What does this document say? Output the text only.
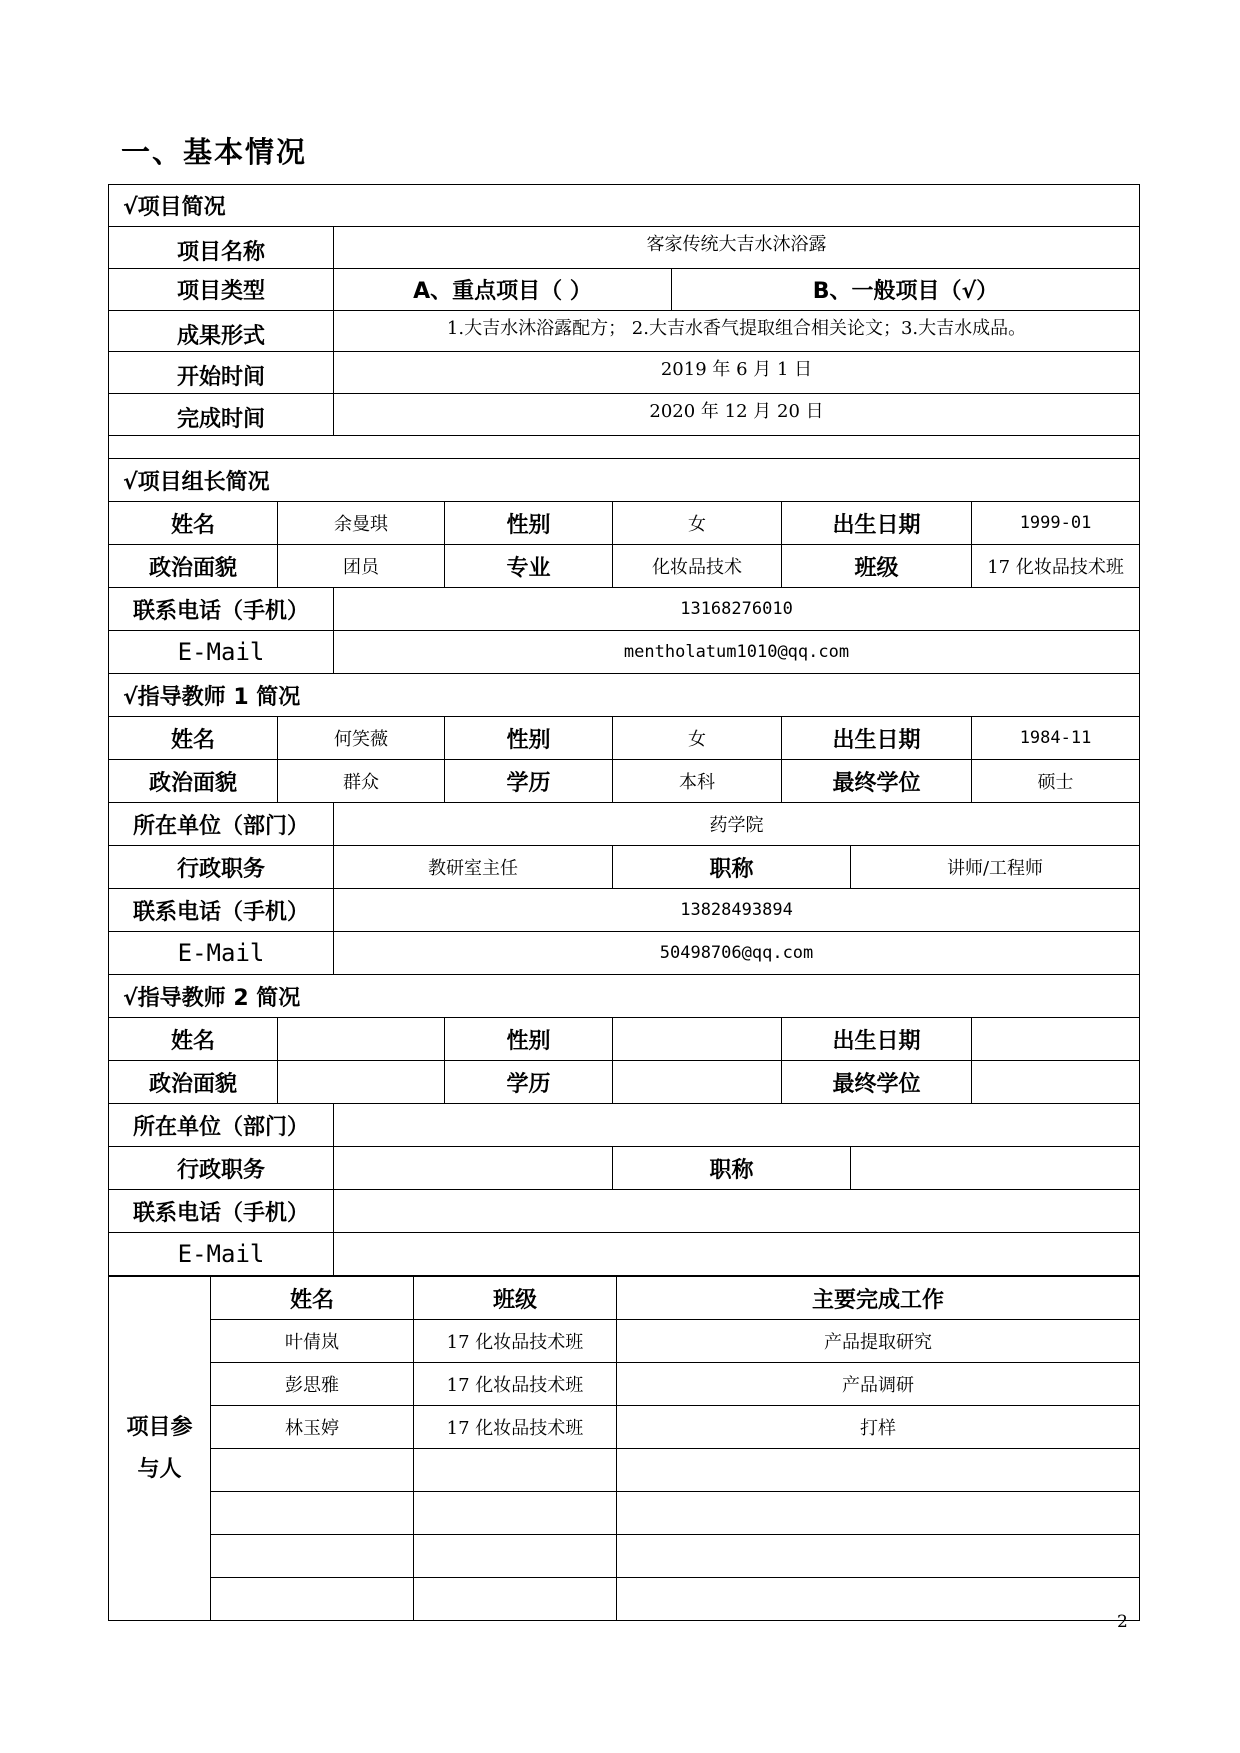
一、基本情况
√项目简况								
项目名称		客家传统大吉水沐浴露						
项目类型		A、重点项目（ ）			B、一般项目（√）			
成果形式		1.大吉水沐浴露配方； 2.大吉水香气提取组合相关论文；3.大吉水成品。						
开始时间		2019 年 6 月 1 日						
完成时间		2020 年 12 月 20 日						

√项目组长简况								
姓名	余曼琪		性别	女		出生日期		1999-01
政治面貌	团员		专业	化妆品技术		班级		17 化妆品技术班
联系电话（手机）		13168276010						
E-Mail		mentholatum1010@qq.com						
√指导教师 1 简况								
姓名	何笑薇		性别	女		出生日期		1984-11
政治面貌	群众		学历	本科		最终学位		硕士
所在单位（部门）		药学院						
行政职务		教研室主任		职称			讲师/工程师	
联系电话（手机）		13828493894						
E-Mail		50498706@qq.com						
√指导教师 2 简况								
姓名			性别			出生日期		
政治面貌			学历			最终学位		
所在单位（部门）								
行政职务				职称				
联系电话（手机）								
E-Mail								
项目参与人	姓名	班级	主要完成工作
	叶倩岚	17 化妆品技术班	产品提取研究
	彭思雅	17 化妆品技术班	产品调研
	林玉婷	17 化妆品技术班	打样

2
